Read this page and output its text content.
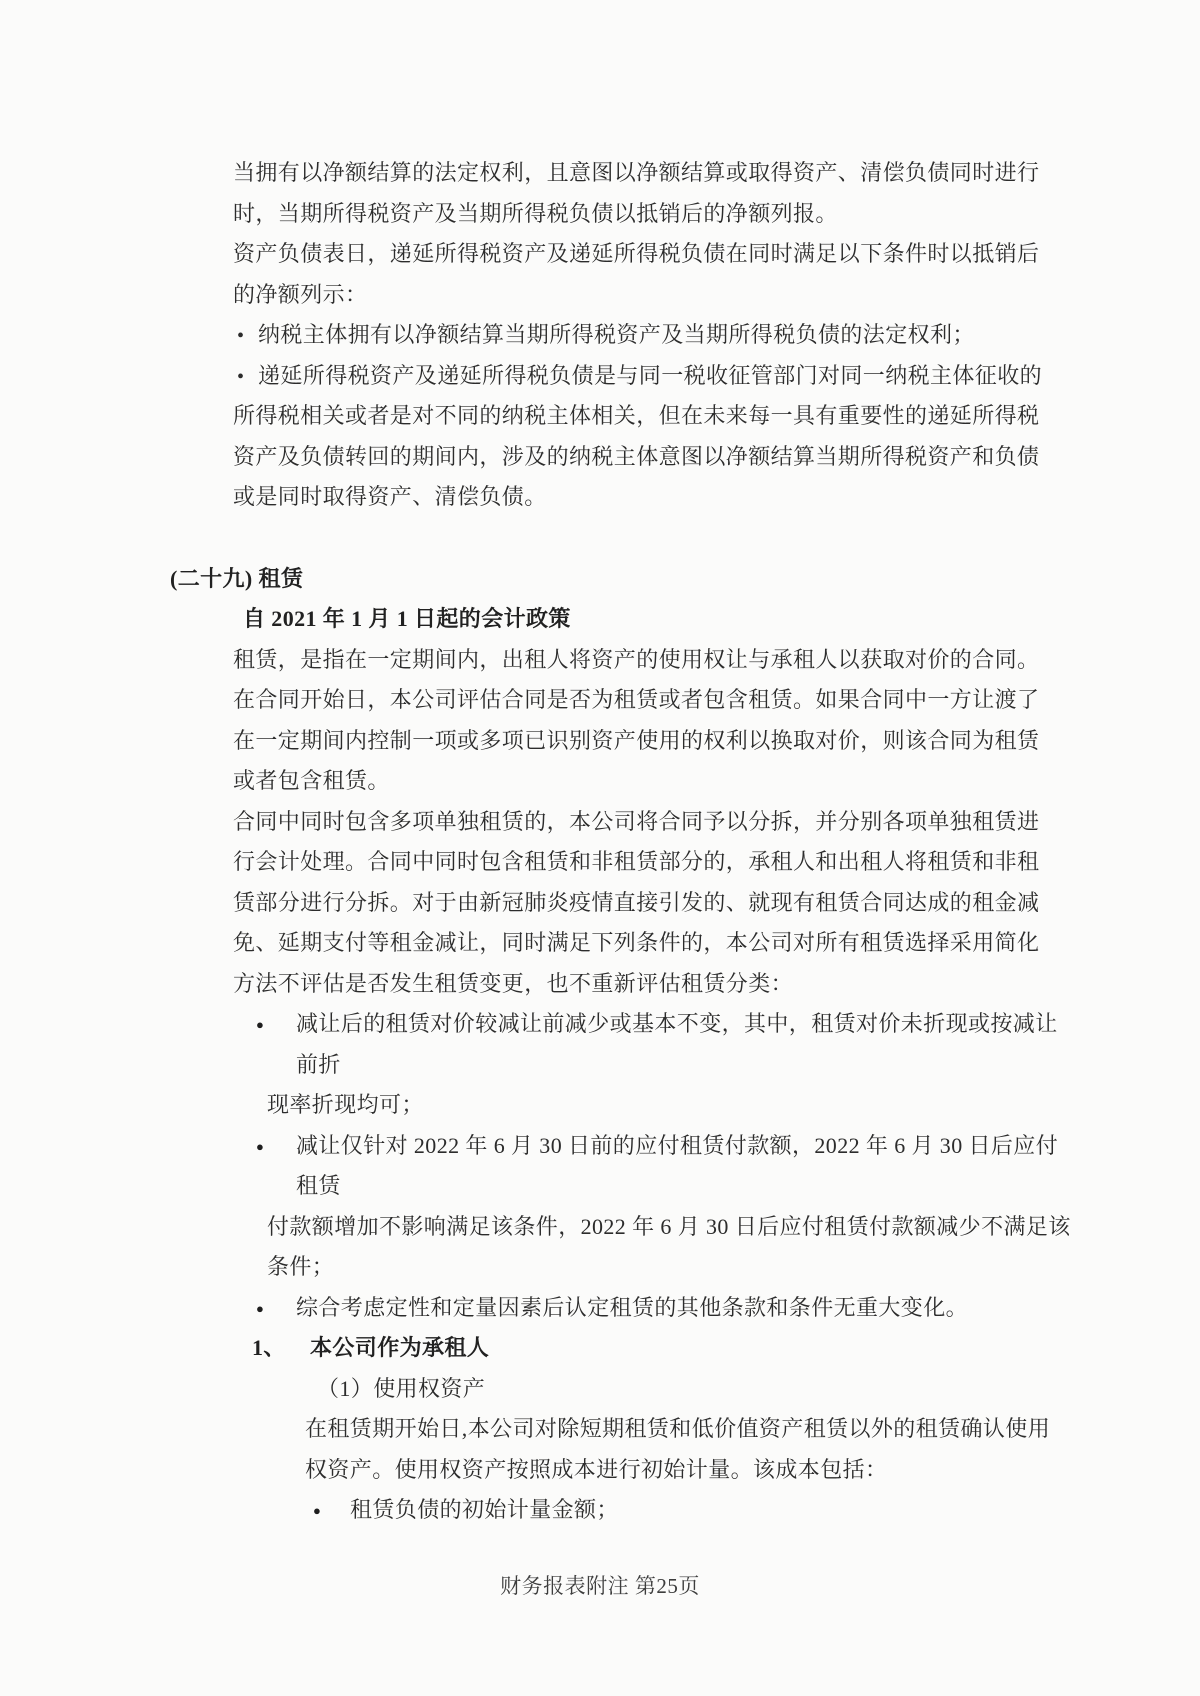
当拥有以净额结算的法定权利，且意图以净额结算或取得资产、清偿负债同时进行
时，当期所得税资产及当期所得税负债以抵销后的净额列报。
资产负债表日，递延所得税资产及递延所得税负债在同时满足以下条件时以抵销后
的净额列示：
• 纳税主体拥有以净额结算当期所得税资产及当期所得税负债的法定权利；
• 递延所得税资产及递延所得税负债是与同一税收征管部门对同一纳税主体征收的
所得税相关或者是对不同的纳税主体相关，但在未来每一具有重要性的递延所得税
资产及负债转回的期间内，涉及的纳税主体意图以净额结算当期所得税资产和负债
或是同时取得资产、清偿负债。
(二十九) 租赁
自 2021 年 1 月 1 日起的会计政策
租赁，是指在一定期间内，出租人将资产的使用权让与承租人以获取对价的合同。
在合同开始日，本公司评估合同是否为租赁或者包含租赁。如果合同中一方让渡了
在一定期间内控制一项或多项已识别资产使用的权利以换取对价，则该合同为租赁
或者包含租赁。
合同中同时包含多项单独租赁的，本公司将合同予以分拆，并分别各项单独租赁进
行会计处理。合同中同时包含租赁和非租赁部分的，承租人和出租人将租赁和非租
赁部分进行分拆。对于由新冠肺炎疫情直接引发的、就现有租赁合同达成的租金减
免、延期支付等租金减让，同时满足下列条件的，本公司对所有租赁选择采用简化
方法不评估是否发生租赁变更，也不重新评估租赁分类：
● 减让后的租赁对价较减让前减少或基本不变，其中，租赁对价未折现或按减让
前折
现率折现均可；
● 减让仅针对 2022 年 6 月 30 日前的应付租赁付款额，2022 年 6 月 30 日后应付
租赁
付款额增加不影响满足该条件，2022 年 6 月 30 日后应付租赁付款额减少不满足该
条件；
● 综合考虑定性和定量因素后认定租赁的其他条款和条件无重大变化。
1、 本公司作为承租人
（1）使用权资产
在租赁期开始日,本公司对除短期租赁和低价值资产租赁以外的租赁确认使用
权资产。使用权资产按照成本进行初始计量。该成本包括：
● 租赁负债的初始计量金额；
财务报表附注 第25页
